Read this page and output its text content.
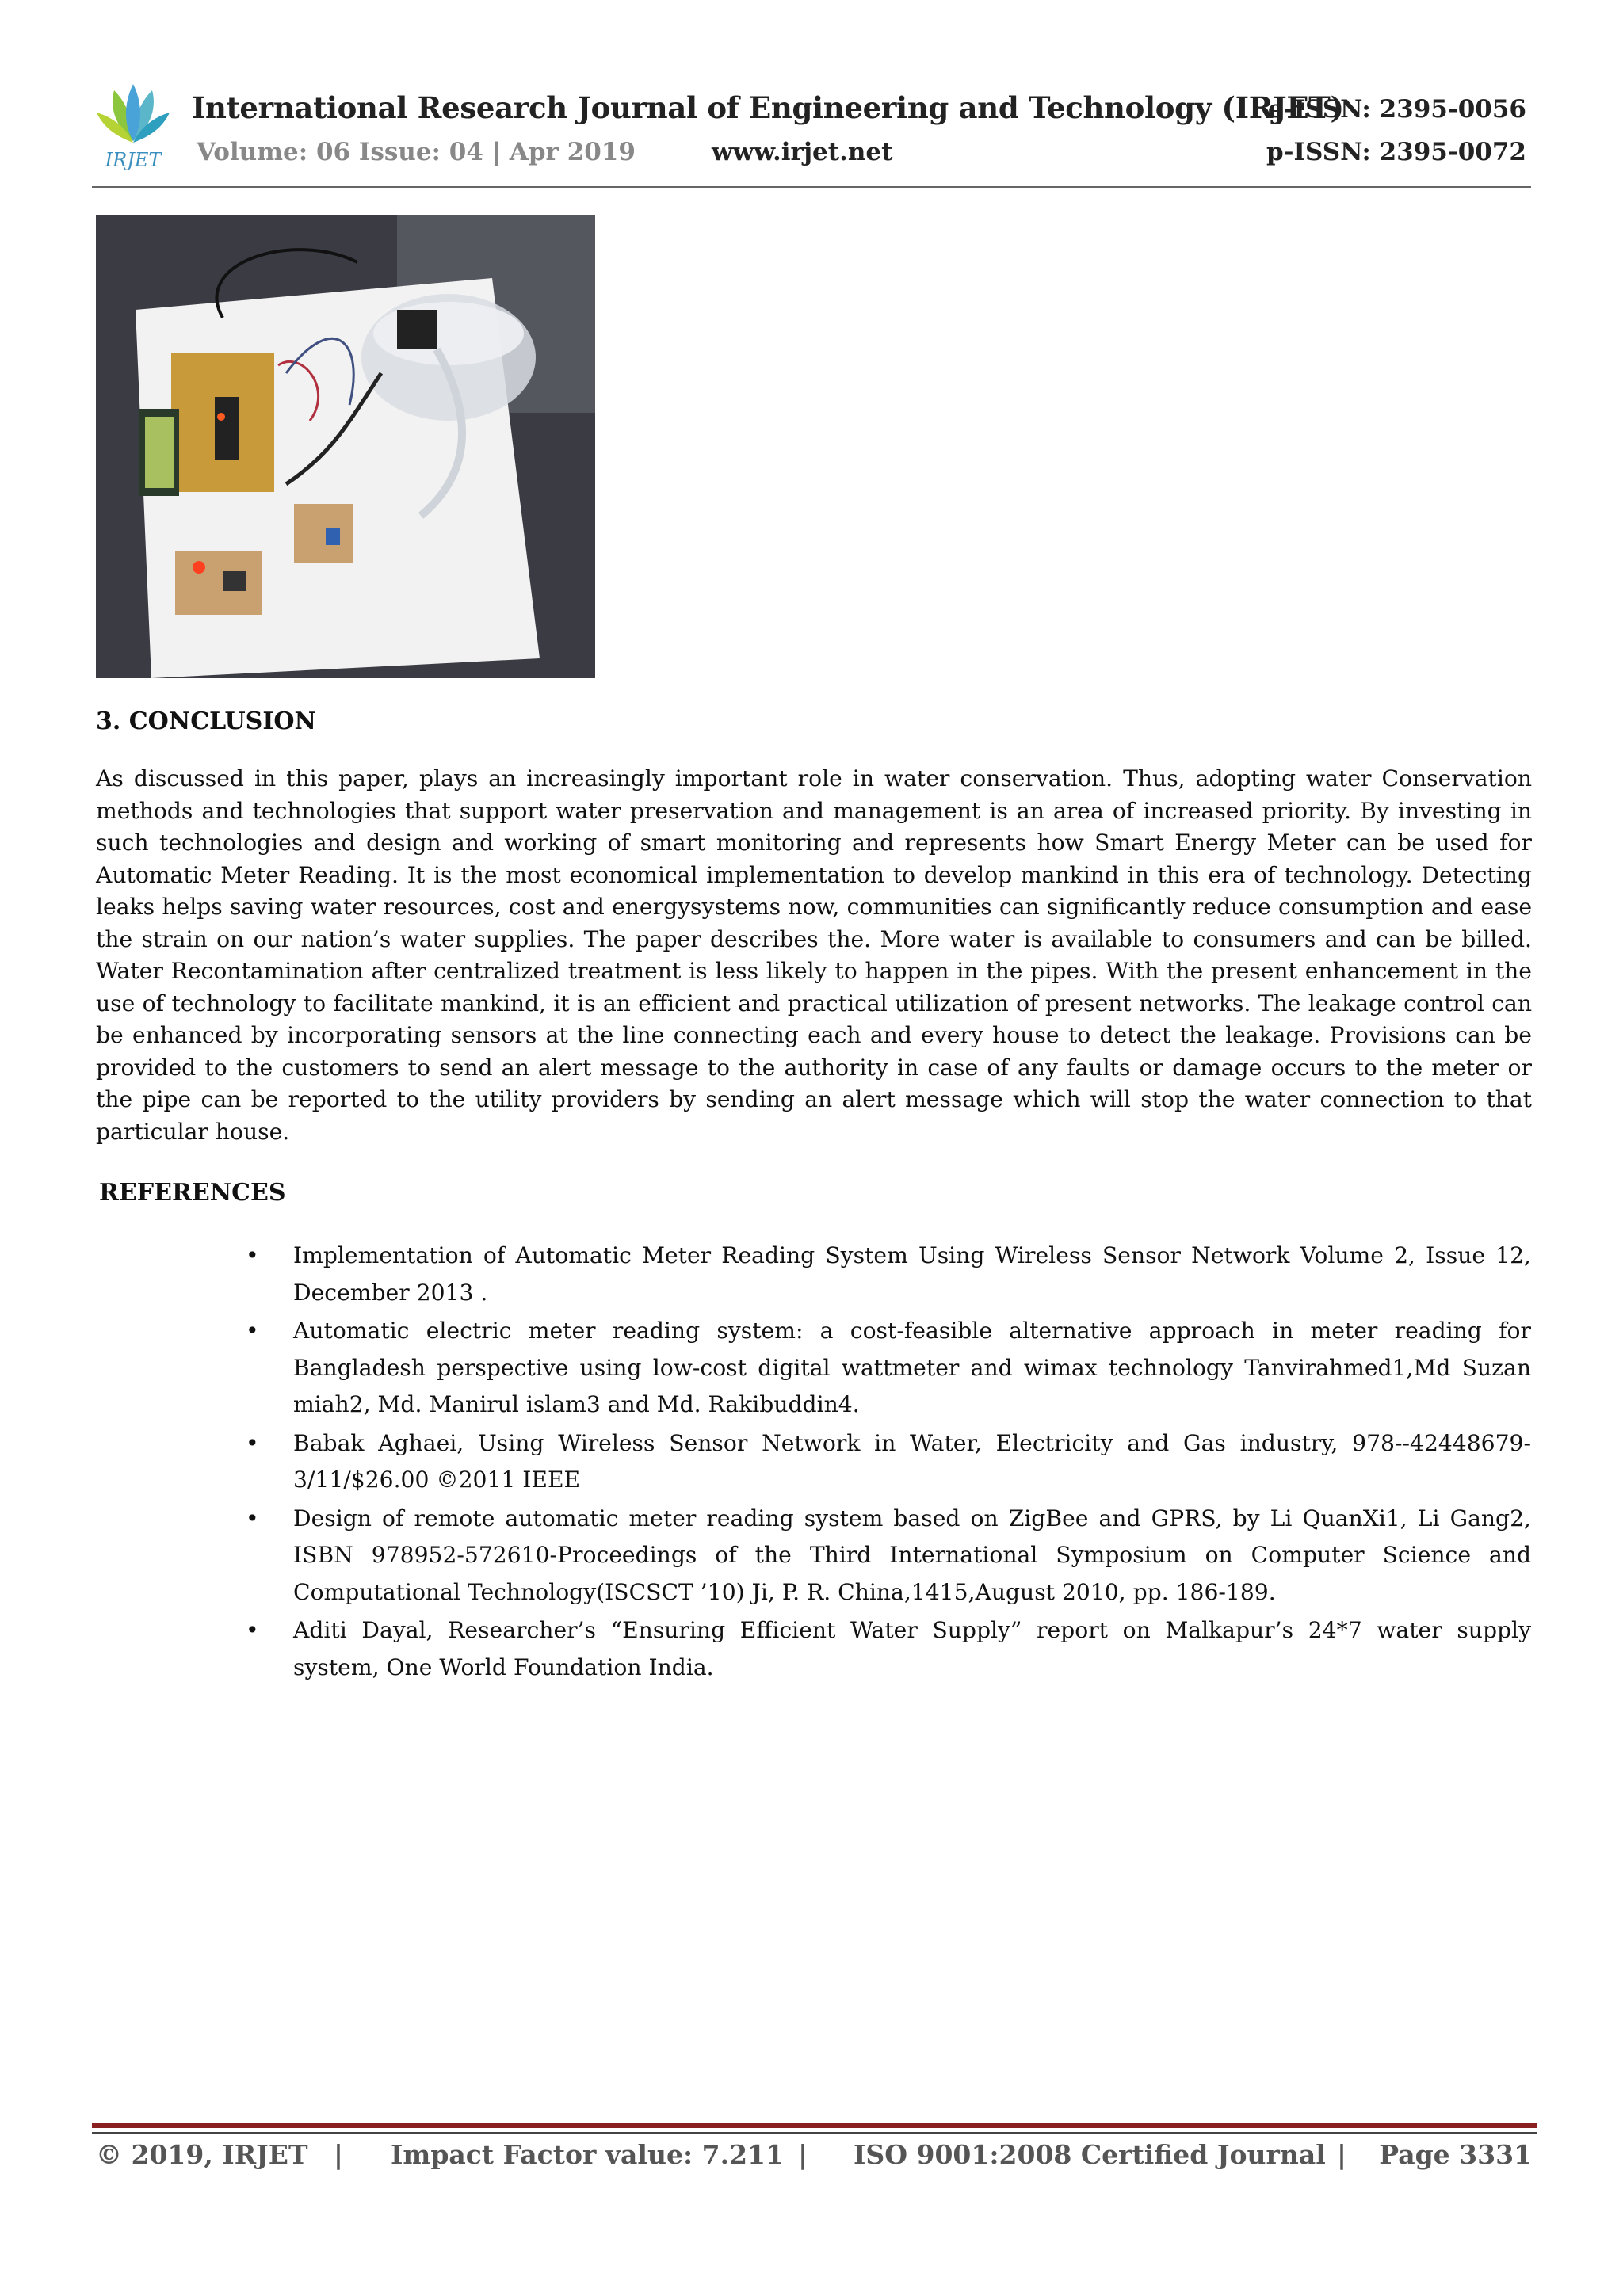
IRJET
International Research Journal of Engineering and Technology (IRJET)
Volume: 06 Issue: 04 | Apr 2019	www.irjet.net
e-ISSN: 2395-0056
p-ISSN: 2395-0072
3. CONCLUSION

As discussed in this paper, plays an increasingly important role in water conservation. Thus, adopting water Conservation methods and technologies that support water preservation and management is an area of increased priority. By investing in such technologies and design and working of smart monitoring and represents how Smart Energy Meter can be used for Automatic Meter Reading. It is the most economical implementation to develop mankind in this era of technology. Detecting leaks helps saving water resources, cost and energysystems now, communities can significantly reduce consumption and ease the strain on our nation’s water supplies. The paper describes the. More water is available to consumers and can be billed. Water Recontamination after centralized treatment is less likely to happen in the pipes. With the present enhancement in the use of technology to facilitate mankind, it is an efficient and practical utilization of present networks. The leakage control can be enhanced by incorporating sensors at the line connecting each and every house to detect the leakage. Provisions can be provided to the customers to send an alert message to the authority in case of any faults or damage occurs to the meter or the pipe can be reported to the utility providers by sending an alert message which will stop the water connection to that particular house.

REFERENCES
• Implementation of Automatic Meter Reading System Using Wireless Sensor Network Volume 2, Issue 12, December 2013 .
• Automatic electric meter reading system: a cost-feasible alternative approach in meter reading for Bangladesh perspective using low-cost digital wattmeter and wimax technology Tanvirahmed1,Md Suzan miah2, Md. Manirul islam3 and Md. Rakibuddin4.
• Babak Aghaei, Using Wireless Sensor Network in Water, Electricity and Gas industry, 978--42448679-3/11/$26.00 ©2011 IEEE
• Design of remote automatic meter reading system based on ZigBee and GPRS, by Li QuanXi1, Li Gang2, ISBN 978952-572610-Proceedings of the Third International Symposium on Computer Science and Computational Technology(ISCSCT ’10) Ji, P. R. China,1415,August 2010, pp. 186-189.
• Aditi Dayal, Researcher’s “Ensuring Efficient Water Supply” report on Malkapur’s 24*7 water supply system, One World Foundation India.
© 2019, IRJET | Impact Factor value: 7.211 | ISO 9001:2008 Certified Journal | Page 3331
